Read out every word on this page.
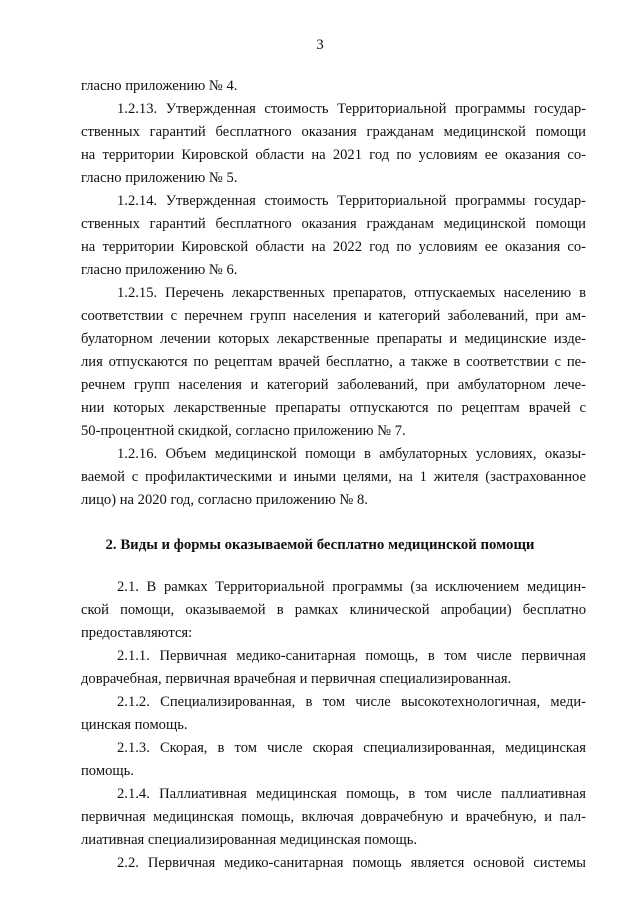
3
гласно приложению № 4.
1.2.13. Утвержденная стоимость Территориальной программы государ-
ственных гарантий бесплатного оказания гражданам медицинской помощи
на территории Кировской области на 2021 год по условиям ее оказания со-
гласно приложению № 5.
1.2.14. Утвержденная стоимость Территориальной программы государ-
ственных гарантий бесплатного оказания гражданам медицинской помощи
на территории Кировской области на 2022 год по условиям ее оказания со-
гласно приложению № 6.
1.2.15. Перечень лекарственных препаратов, отпускаемых населению в
соответствии с перечнем групп населения и категорий заболеваний, при ам-
булаторном лечении которых лекарственные препараты и медицинские изде-
лия отпускаются по рецептам врачей бесплатно, а также в соответствии с пе-
речнем групп населения и категорий заболеваний, при амбулаторном лече-
нии которых лекарственные препараты отпускаются по рецептам врачей с
50-процентной скидкой, согласно приложению № 7.
1.2.16. Объем медицинской помощи в амбулаторных условиях, оказы-
ваемой с профилактическими и иными целями, на 1 жителя (застрахованное
лицо) на 2020 год, согласно приложению № 8.
2. Виды и формы оказываемой бесплатно медицинской помощи
2.1. В рамках Территориальной программы (за исключением медицин-
ской помощи, оказываемой в рамках клинической апробации) бесплатно
предоставляются:
2.1.1. Первичная медико-санитарная помощь, в том числе первичная
доврачебная, первичная врачебная и первичная специализированная.
2.1.2. Специализированная, в том числе высокотехнологичная, меди-
цинская помощь.
2.1.3. Скорая, в том числе скорая специализированная, медицинская
помощь.
2.1.4. Паллиативная медицинская помощь, в том числе паллиативная
первичная медицинская помощь, включая доврачебную и врачебную, и пал-
лиативная специализированная медицинская помощь.
2.2. Первичная медико-санитарная помощь является основой системы
